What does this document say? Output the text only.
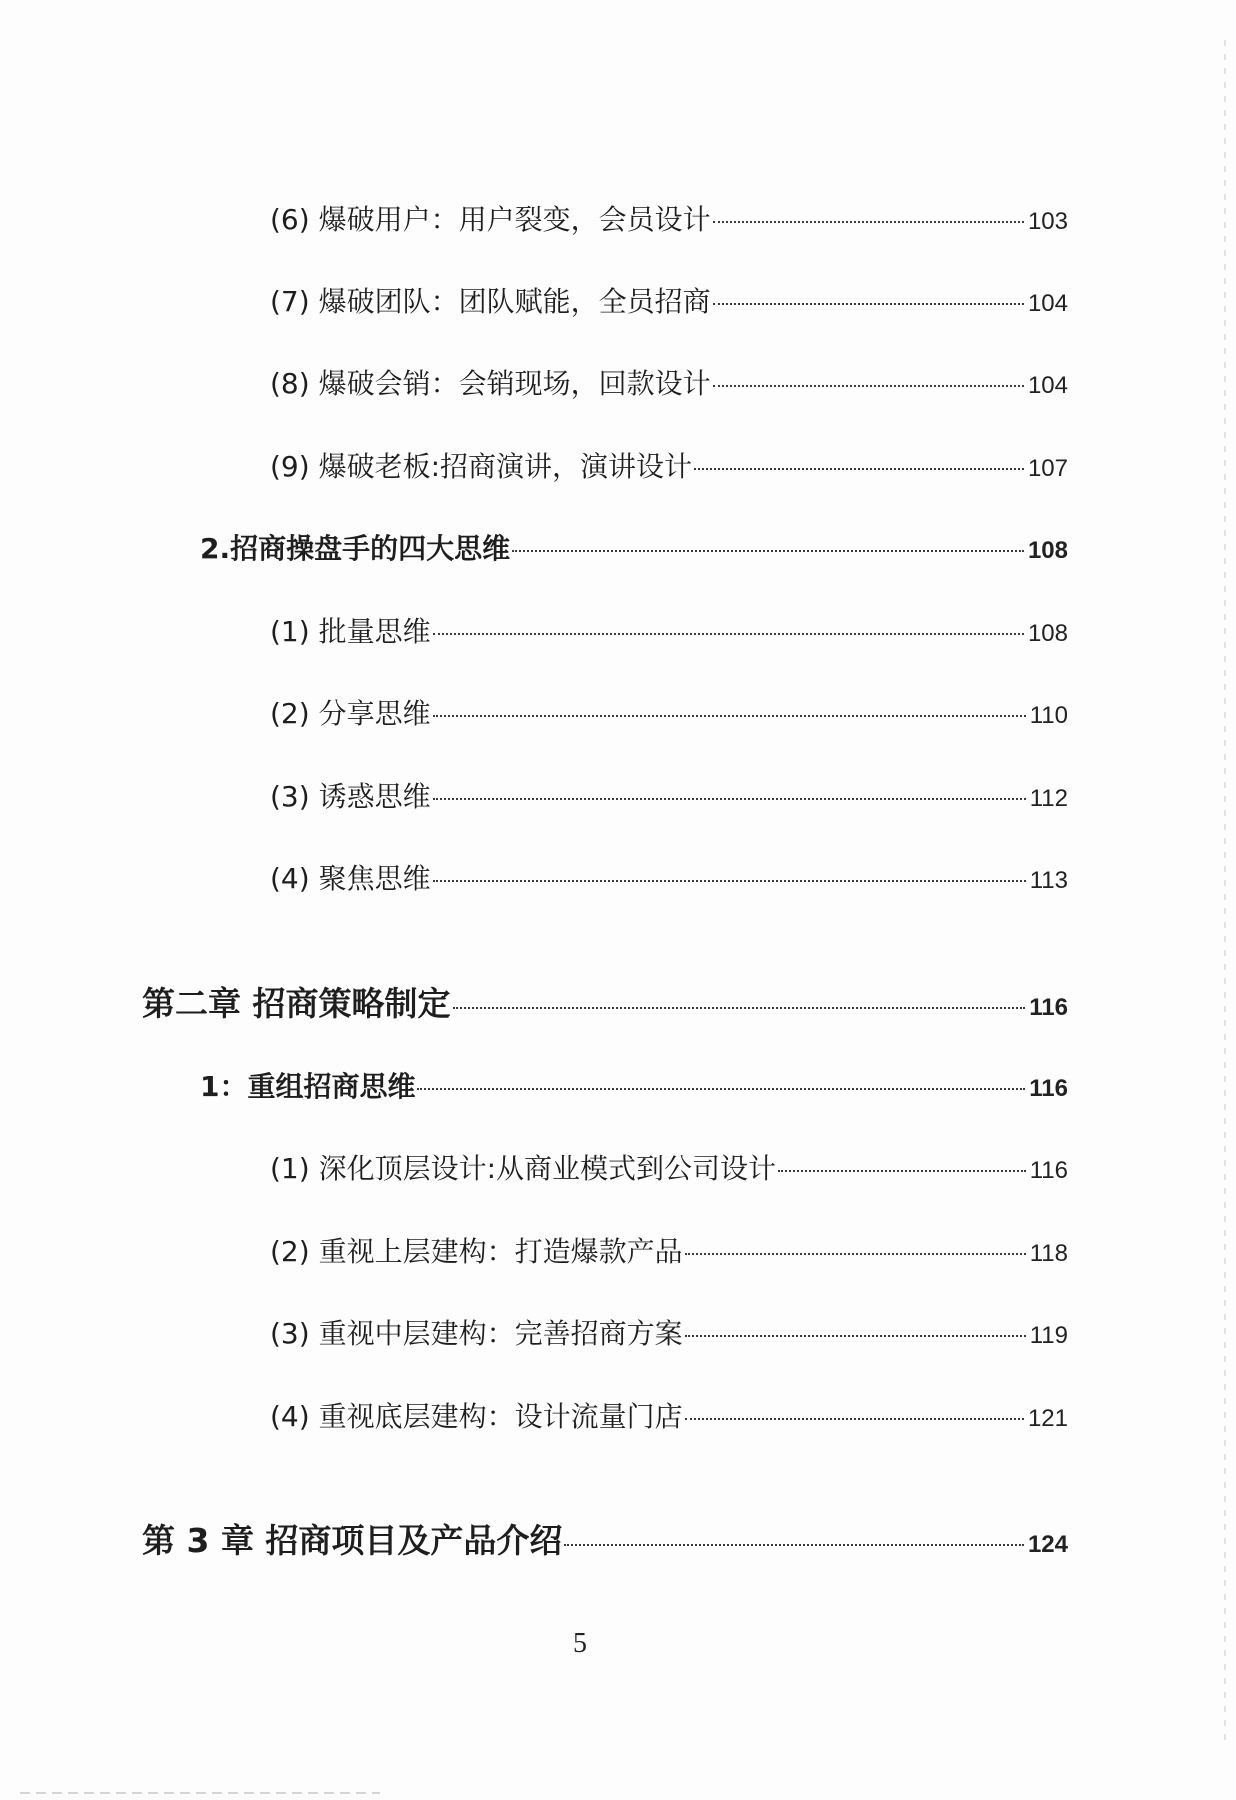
(6) 爆破用户：用户裂变，会员设计	103
(7) 爆破团队：团队赋能，全员招商	104
(8) 爆破会销：会销现场，回款设计	104
(9) 爆破老板:招商演讲，演讲设计	107
2.招商操盘手的四大思维	108
(1) 批量思维	108
(2) 分享思维	110
(3) 诱惑思维	112
(4) 聚焦思维	113
第二章 招商策略制定	116
1：重组招商思维	116
(1) 深化顶层设计:从商业模式到公司设计	116
(2) 重视上层建构：打造爆款产品	118
(3) 重视中层建构：完善招商方案	119
(4) 重视底层建构：设计流量门店	121
第 3 章 招商项目及产品介绍	124
5
